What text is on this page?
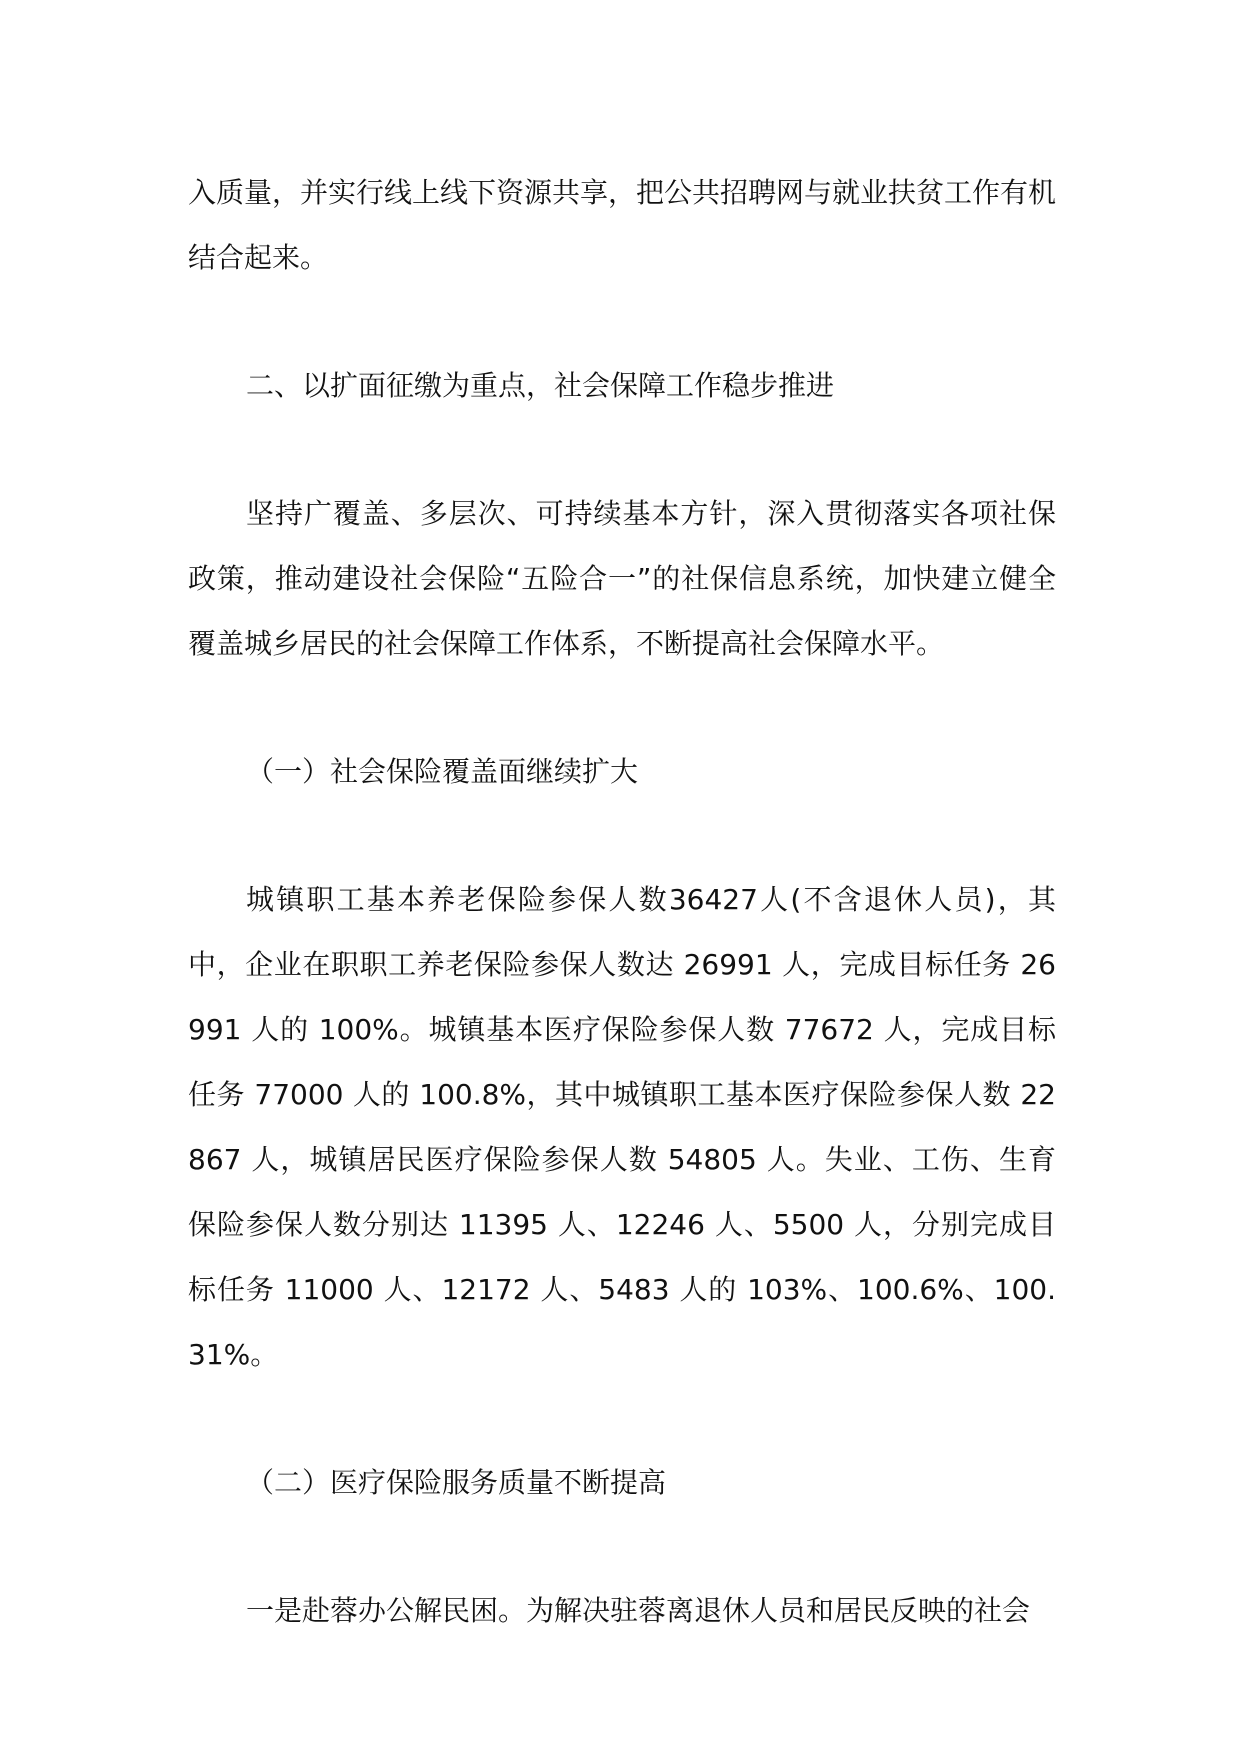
入质量，并实行线上线下资源共享，把公共招聘网与就业扶贫工作有机结合起来。

二、以扩面征缴为重点，社会保障工作稳步推进

坚持广覆盖、多层次、可持续基本方针，深入贯彻落实各项社保政策，推动建设社会保险“五险合一”的社保信息系统，加快建立健全覆盖城乡居民的社会保障工作体系，不断提高社会保障水平。

（一）社会保险覆盖面继续扩大

城镇职工基本养老保险参保人数36427人(不含退休人员)，其中，企业在职职工养老保险参保人数达 26991 人，完成目标任务 26991 人的 100%。城镇基本医疗保险参保人数 77672 人，完成目标任务 77000 人的 100.8%，其中城镇职工基本医疗保险参保人数 22867 人，城镇居民医疗保险参保人数 54805 人。失业、工伤、生育保险参保人数分别达 11395 人、12246 人、5500 人，分别完成目标任务 11000 人、12172 人、5483 人的 103%、100.6%、100.31%。

（二）医疗保险服务质量不断提高

一是赴蓉办公解民困。为解决驻蓉离退休人员和居民反映的社会
